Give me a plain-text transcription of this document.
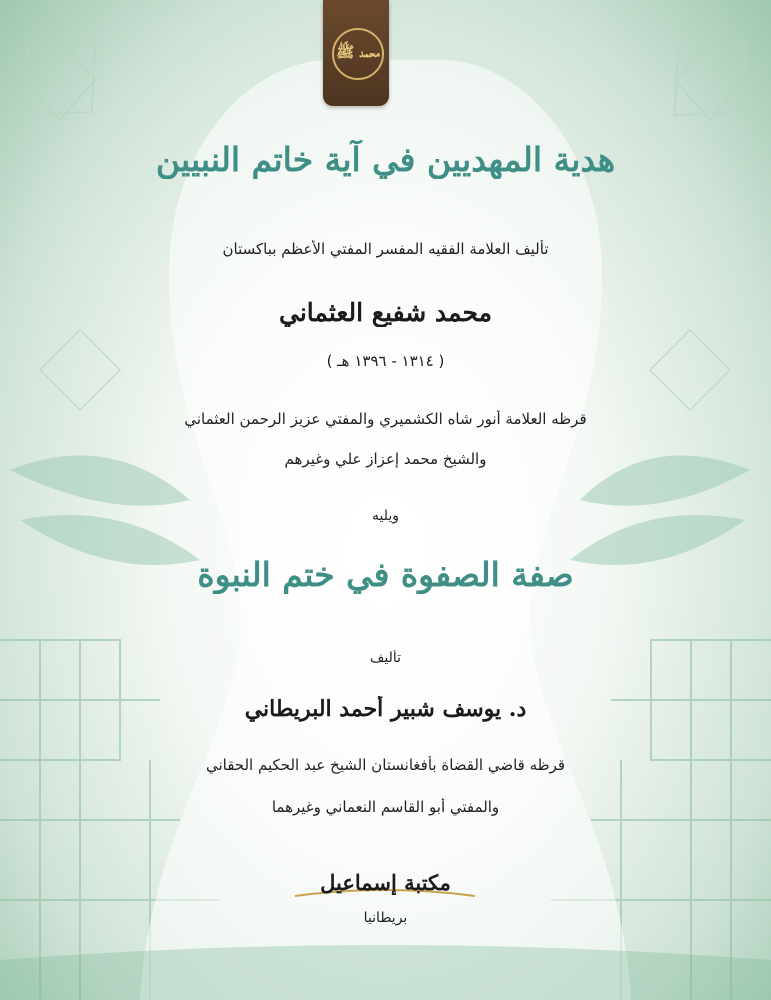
محمد ﷺ
هدية المهديين في آية خاتم النبيين
تأليف العلامة الفقيه المفسر المفتي الأعظم بباكستان
محمد شفيع العثماني
( ١٣١٤ - ١٣٩٦ هـ )
قرظه العلامة أنور شاه الكشميري والمفتي عزيز الرحمن العثماني
والشيخ محمد إعزاز علي وغيرهم
ويليه
صفة الصفوة في ختم النبوة
تأليف
د. يوسف شبير أحمد البريطاني
قرظه قاضي القضاة بأفغانستان الشيخ عبد الحكيم الحقاني
والمفتي أبو القاسم النعماني وغيرهما
مكتبة إسماعيل
بريطانيا
